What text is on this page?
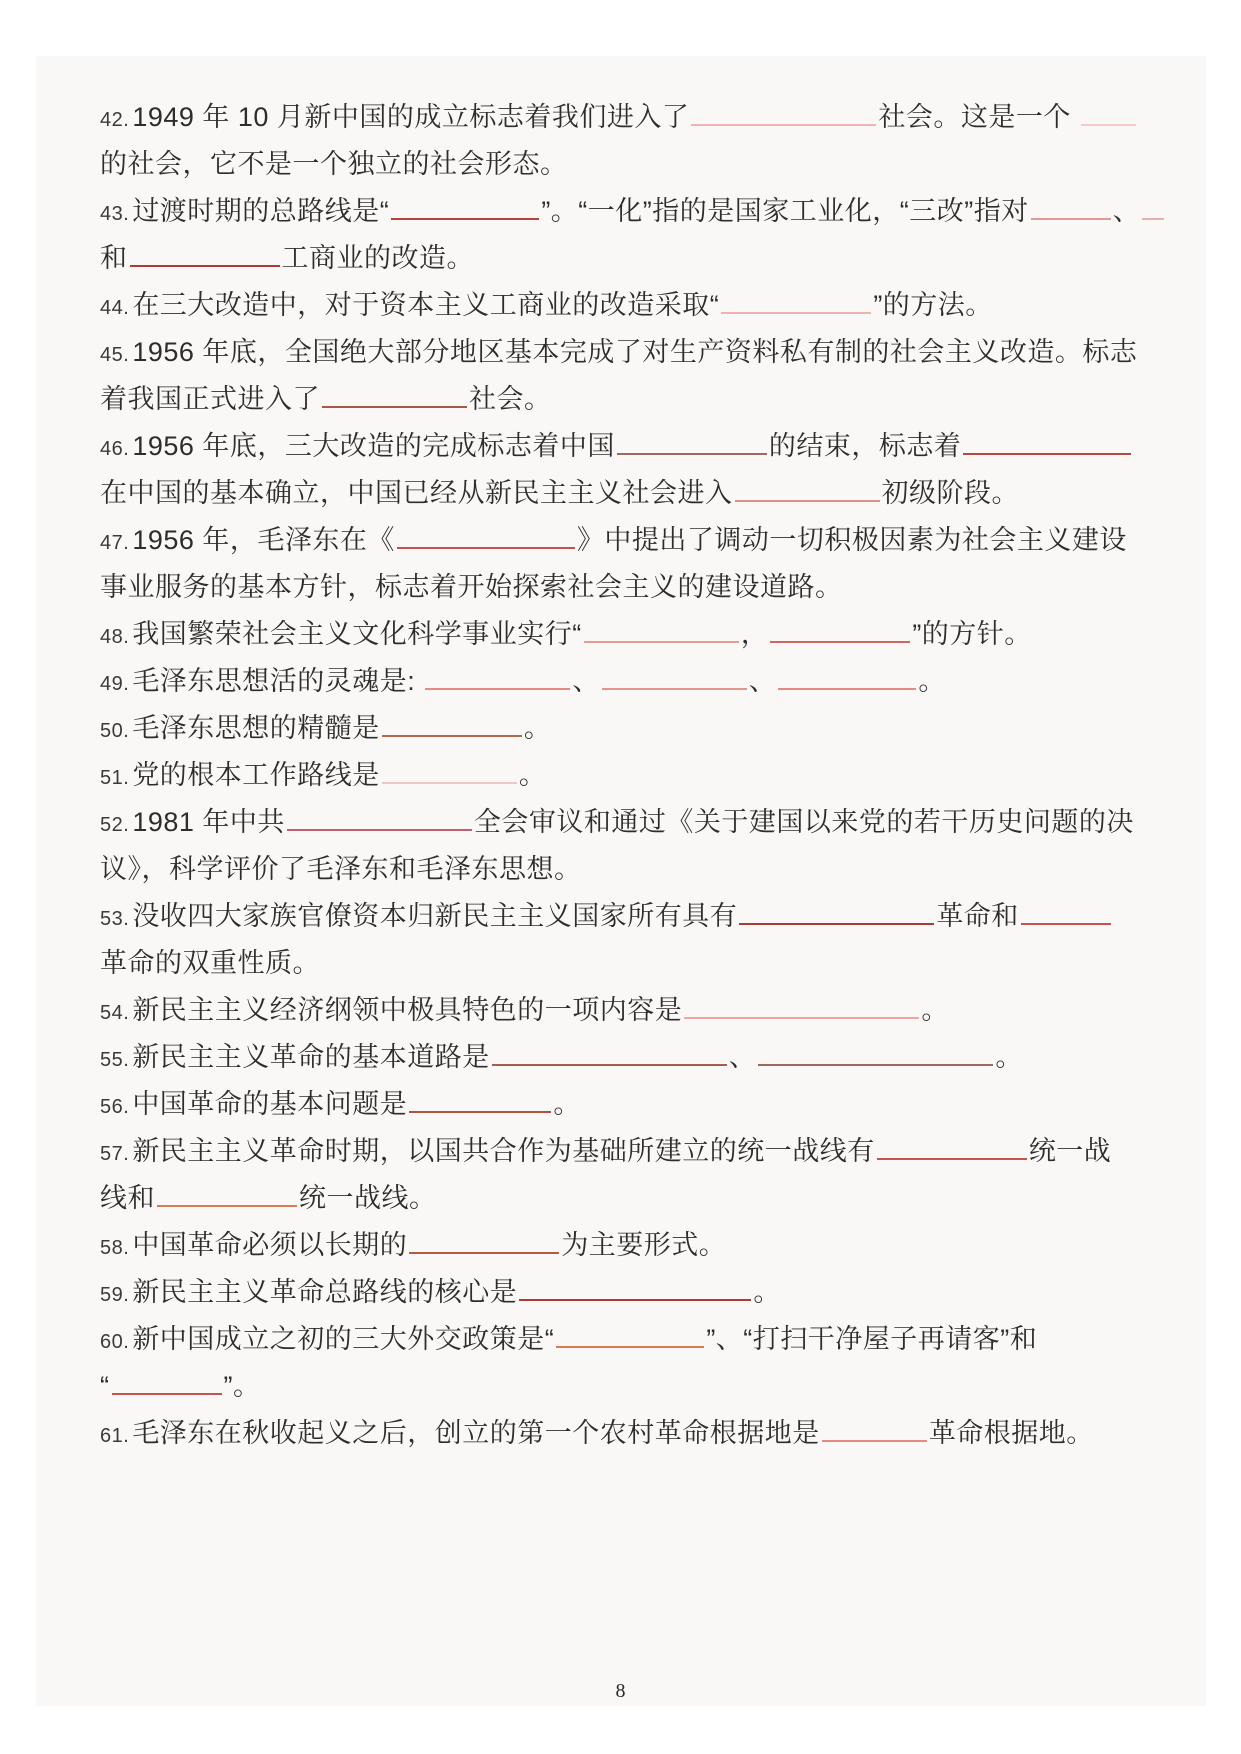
42. 1949 年 10 月新中国的成立标志着我们进入了	社会。这是一个
的社会，它不是一个独立的社会形态。
43. 过渡时期的总路线是“	”。“一化”指的是国家工业化，“三改”指对	、
和	工商业的改造。
44. 在三大改造中，对于资本主义工商业的改造采取“	”的方法。
45. 1956 年底，全国绝大部分地区基本完成了对生产资料私有制的社会主义改造。标志
着我国正式进入了	社会。
46. 1956 年底，三大改造的完成标志着中国	的结束，标志着
在中国的基本确立，中国已经从新民主主义社会进入	初级阶段。
47. 1956 年，毛泽东在《	》中提出了调动一切积极因素为社会主义建设
事业服务的基本方针，标志着开始探索社会主义的建设道路。
48. 我国繁荣社会主义文化科学事业实行“	，	”的方针。
49. 毛泽东思想活的灵魂是:	、	、	。
50. 毛泽东思想的精髓是	。
51. 党的根本工作路线是	。
52. 1981 年中共	全会审议和通过《关于建国以来党的若干历史问题的决
议》，科学评价了毛泽东和毛泽东思想。
53. 没收四大家族官僚资本归新民主主义国家所有具有	革命和
革命的双重性质。
54. 新民主主义经济纲领中极具特色的一项内容是	。
55. 新民主主义革命的基本道路是	、	。
56. 中国革命的基本问题是	。
57. 新民主主义革命时期，以国共合作为基础所建立的统一战线有	统一战
线和	统一战线。
58. 中国革命必须以长期的	为主要形式。
59. 新民主主义革命总路线的核心是	。
60. 新中国成立之初的三大外交政策是“	”、“打扫干净屋子再请客”和
“	”。
61. 毛泽东在秋收起义之后，创立的第一个农村革命根据地是	革命根据地。
8
